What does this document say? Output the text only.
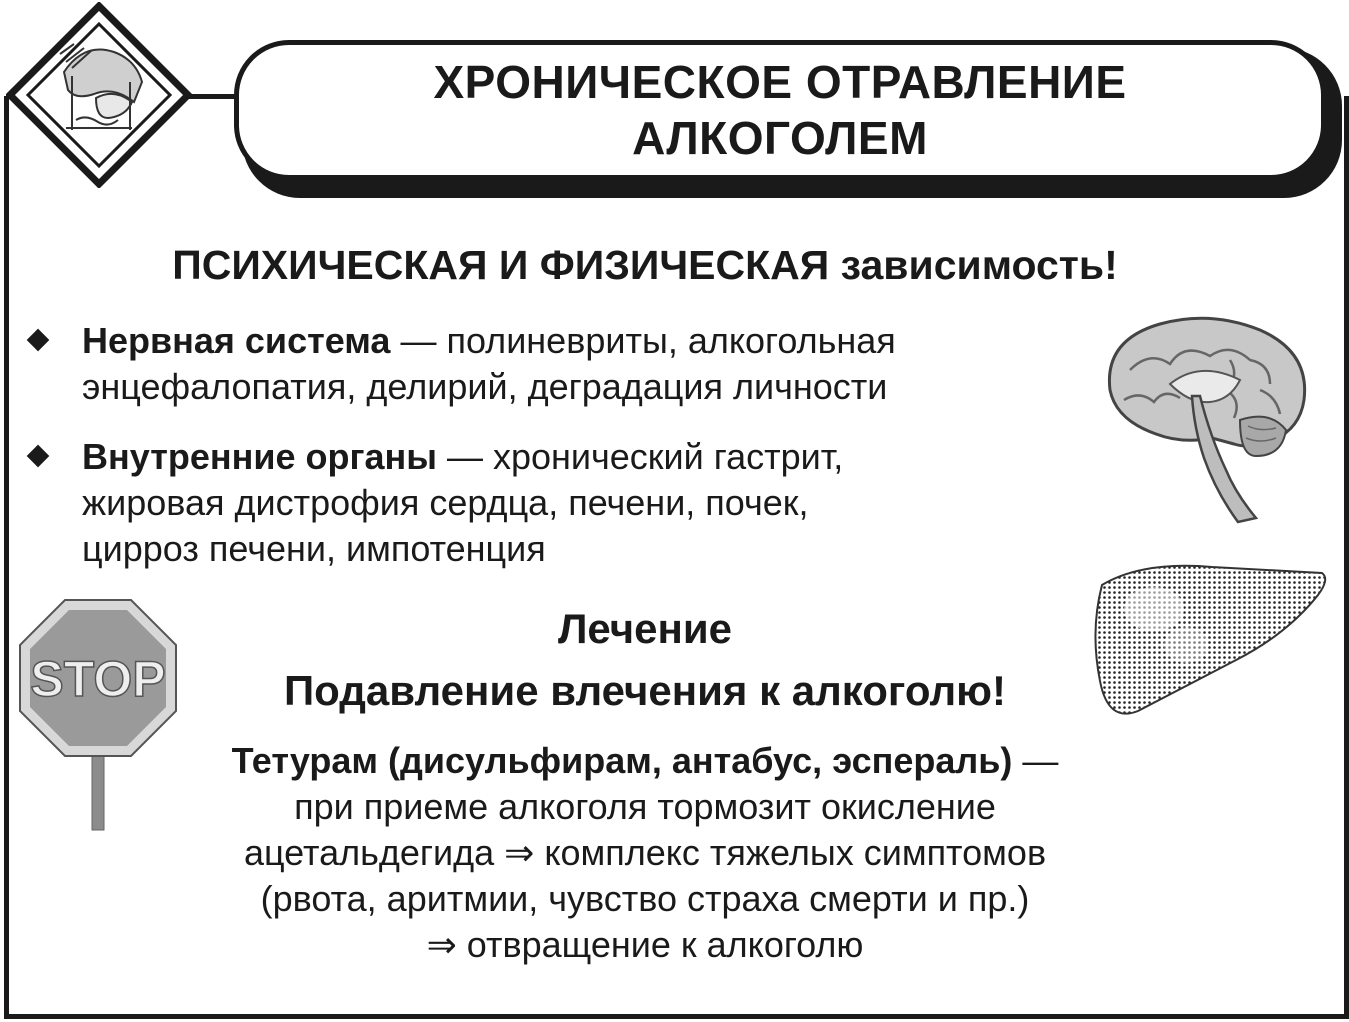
ХРОНИЧЕСКОЕ ОТРАВЛЕНИЕ
АЛКОГОЛЕМ
ПСИХИЧЕСКАЯ И ФИЗИЧЕСКАЯ зависимость!
Нервная система — полиневриты, алкогольная
энцефалопатия, делирий, деградация личности
Внутренние органы — хронический гастрит,
жировая дистрофия сердца, печени, почек,
цирроз печени, импотенция
STOP
Лечение
Подавление влечения к алкоголю!
Тетурам (дисульфирам, антабус, эспераль) —
при приеме алкоголя тормозит окисление
ацетальдегида ⇒ комплекс тяжелых симптомов
(рвота, аритмии, чувство страха смерти и пр.)
⇒ отвращение к алкоголю
